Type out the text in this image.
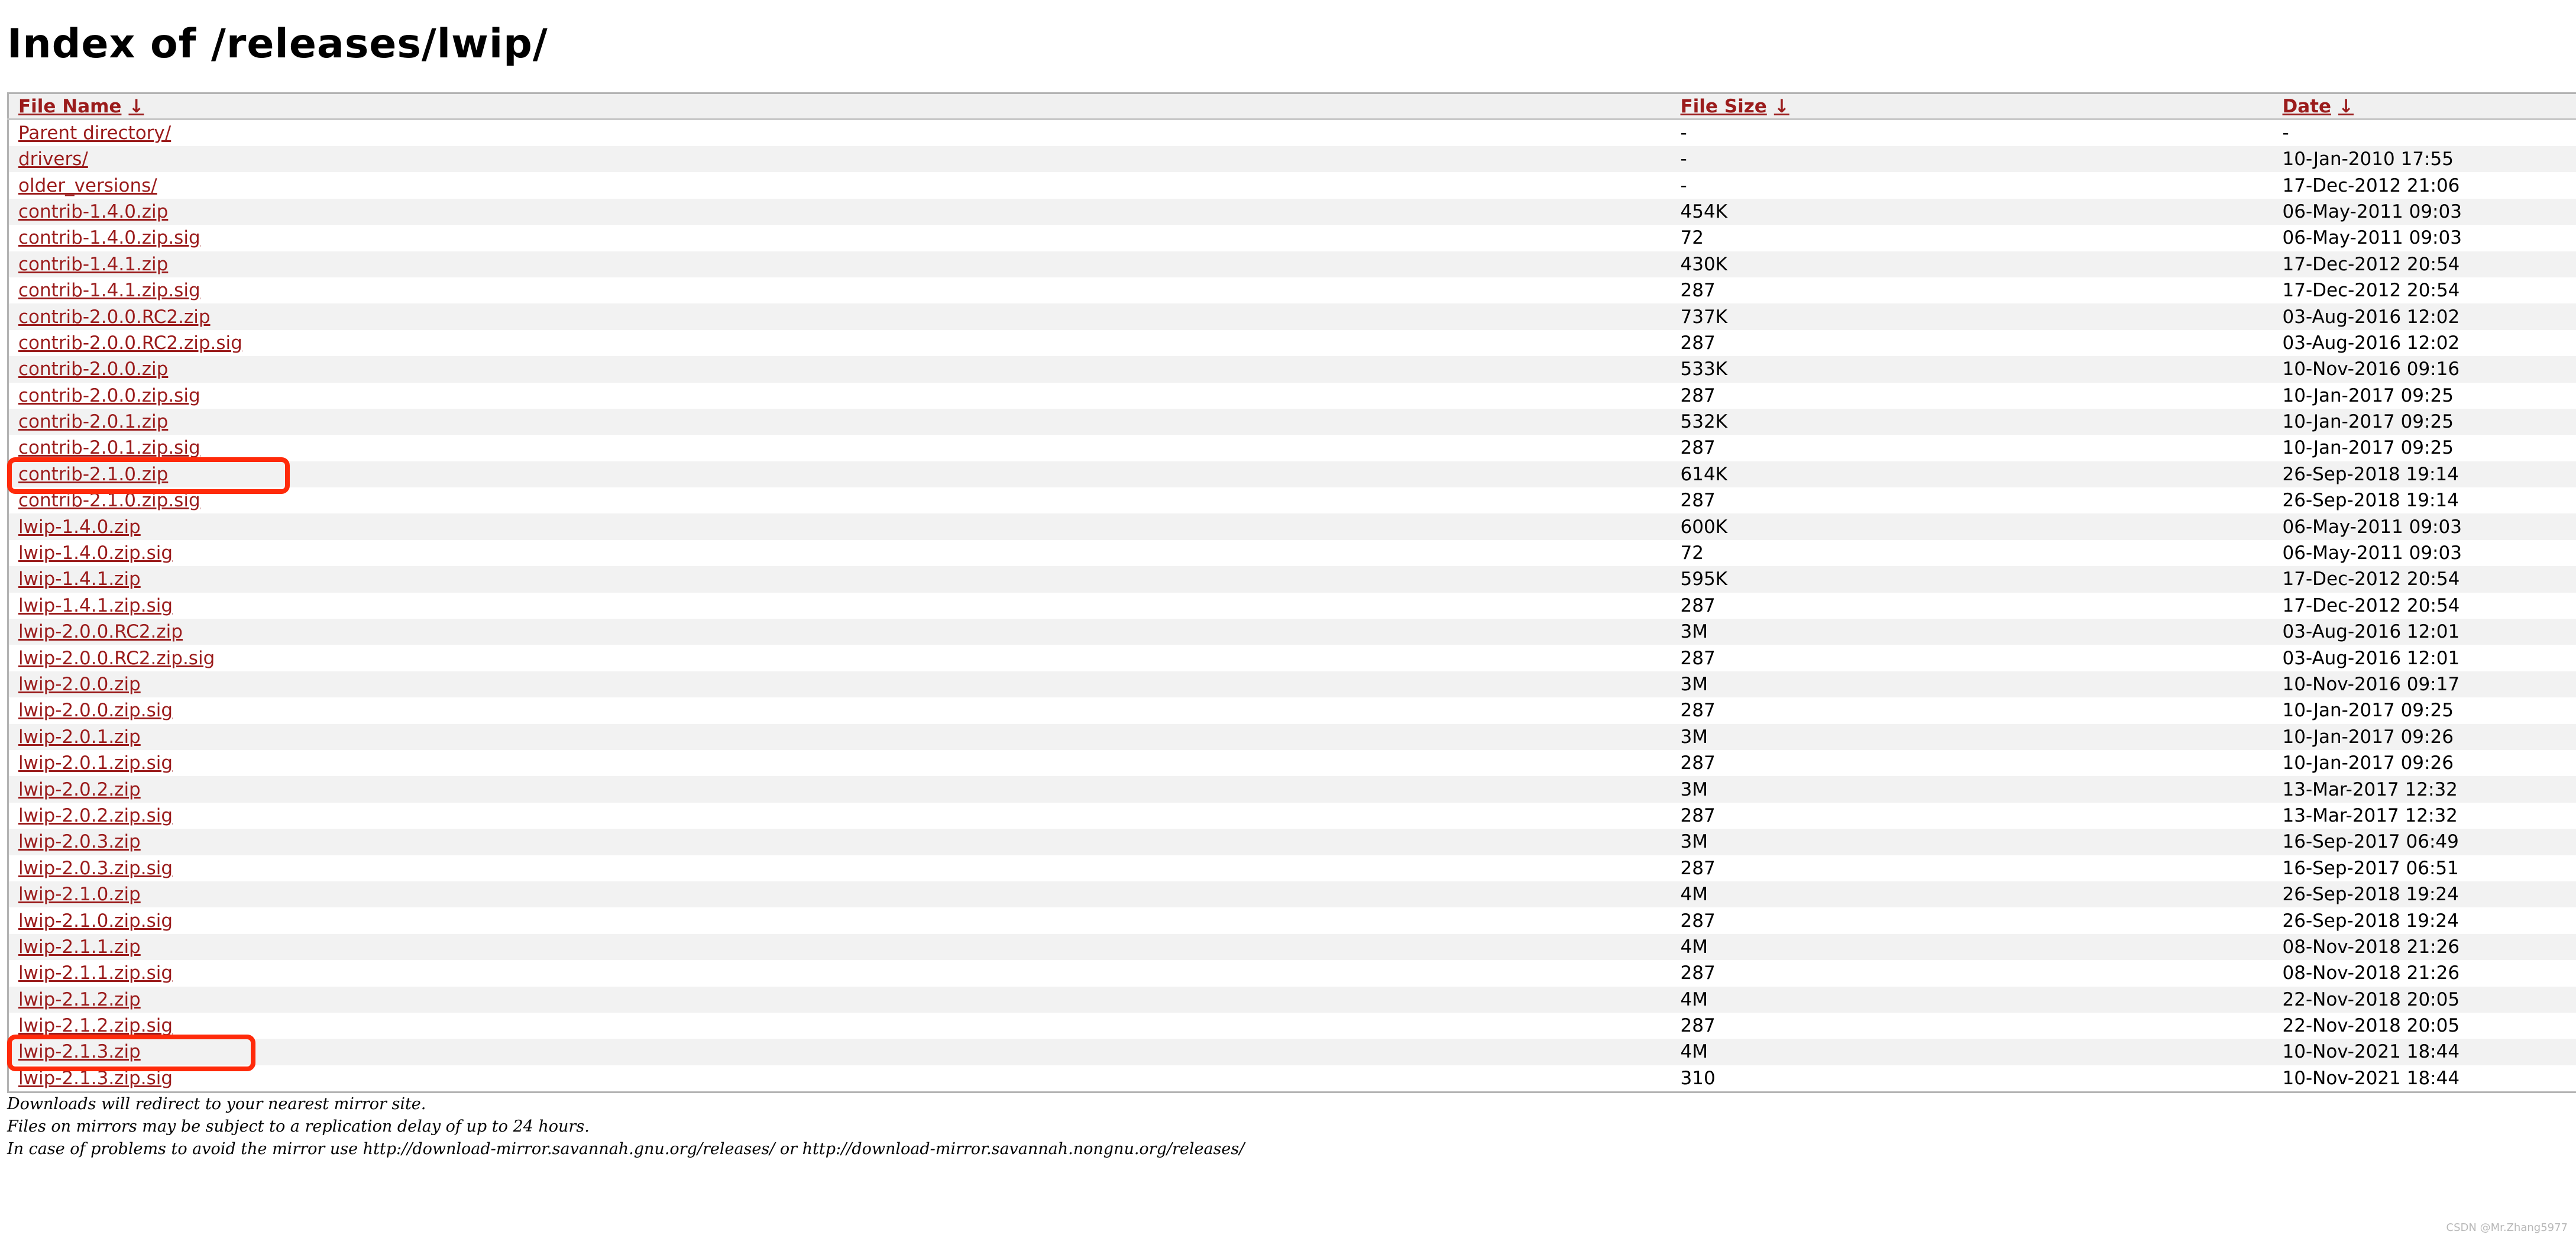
Index of /releases/lwip/
File Name ↓	File Size ↓	Date ↓
Parent directory/	-	-
drivers/	-	10-Jan-2010 17:55
older_versions/	-	17-Dec-2012 21:06
contrib-1.4.0.zip	454K	06-May-2011 09:03
contrib-1.4.0.zip.sig	72	06-May-2011 09:03
contrib-1.4.1.zip	430K	17-Dec-2012 20:54
contrib-1.4.1.zip.sig	287	17-Dec-2012 20:54
contrib-2.0.0.RC2.zip	737K	03-Aug-2016 12:02
contrib-2.0.0.RC2.zip.sig	287	03-Aug-2016 12:02
contrib-2.0.0.zip	533K	10-Nov-2016 09:16
contrib-2.0.0.zip.sig	287	10-Jan-2017 09:25
contrib-2.0.1.zip	532K	10-Jan-2017 09:25
contrib-2.0.1.zip.sig	287	10-Jan-2017 09:25
contrib-2.1.0.zip	614K	26-Sep-2018 19:14
contrib-2.1.0.zip.sig	287	26-Sep-2018 19:14
lwip-1.4.0.zip	600K	06-May-2011 09:03
lwip-1.4.0.zip.sig	72	06-May-2011 09:03
lwip-1.4.1.zip	595K	17-Dec-2012 20:54
lwip-1.4.1.zip.sig	287	17-Dec-2012 20:54
lwip-2.0.0.RC2.zip	3M	03-Aug-2016 12:01
lwip-2.0.0.RC2.zip.sig	287	03-Aug-2016 12:01
lwip-2.0.0.zip	3M	10-Nov-2016 09:17
lwip-2.0.0.zip.sig	287	10-Jan-2017 09:25
lwip-2.0.1.zip	3M	10-Jan-2017 09:26
lwip-2.0.1.zip.sig	287	10-Jan-2017 09:26
lwip-2.0.2.zip	3M	13-Mar-2017 12:32
lwip-2.0.2.zip.sig	287	13-Mar-2017 12:32
lwip-2.0.3.zip	3M	16-Sep-2017 06:49
lwip-2.0.3.zip.sig	287	16-Sep-2017 06:51
lwip-2.1.0.zip	4M	26-Sep-2018 19:24
lwip-2.1.0.zip.sig	287	26-Sep-2018 19:24
lwip-2.1.1.zip	4M	08-Nov-2018 21:26
lwip-2.1.1.zip.sig	287	08-Nov-2018 21:26
lwip-2.1.2.zip	4M	22-Nov-2018 20:05
lwip-2.1.2.zip.sig	287	22-Nov-2018 20:05
lwip-2.1.3.zip	4M	10-Nov-2021 18:44
lwip-2.1.3.zip.sig	310	10-Nov-2021 18:44

Downloads will redirect to your nearest mirror site.

Files on mirrors may be subject to a replication delay of up to 24 hours.

In case of problems to avoid the mirror use http://download-mirror.savannah.gnu.org/releases/ or http://download-mirror.savannah.nongnu.org/releases/

CSDN @Mr.Zhang5977
